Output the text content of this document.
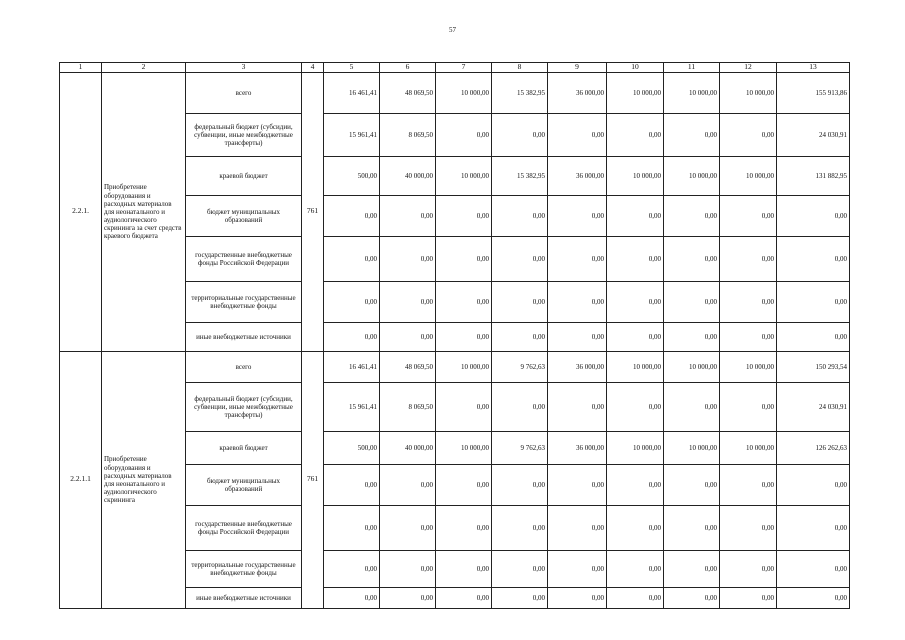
57
1	2	3	4	5	6	7	8	9	10	11	12	13
2.2.1.	Приобретение оборудования и расходных материалов для неонатального и аудиологического скрининга за счет средств краевого бюджета	всего	761	16 461,41	48 069,50	10 000,00	15 382,95	36 000,00	10 000,00	10 000,00	10 000,00	155 913,86
		федеральный бюджет (субсидии, субвенции, иные межбюджетные трансферты)		15 961,41	8 069,50	0,00	0,00	0,00	0,00	0,00	0,00	24 030,91
		краевой бюджет		500,00	40 000,00	10 000,00	15 382,95	36 000,00	10 000,00	10 000,00	10 000,00	131 882,95
		бюджет муниципальных образований		0,00	0,00	0,00	0,00	0,00	0,00	0,00	0,00	0,00
		государственные внебюджетные фонды Российской Федерации		0,00	0,00	0,00	0,00	0,00	0,00	0,00	0,00	0,00
		территориальные государственные внебюджетные фонды		0,00	0,00	0,00	0,00	0,00	0,00	0,00	0,00	0,00
		иные внебюджетные источники		0,00	0,00	0,00	0,00	0,00	0,00	0,00	0,00	0,00
2.2.1.1	Приобретение оборудования и расходных материалов для неонатального и аудиологического скрининга	всего	761	16 461,41	48 069,50	10 000,00	9 762,63	36 000,00	10 000,00	10 000,00	10 000,00	150 293,54
		федеральный бюджет (субсидии, субвенции, иные межбюджетные трансферты)		15 961,41	8 069,50	0,00	0,00	0,00	0,00	0,00	0,00	24 030,91
		краевой бюджет		500,00	40 000,00	10 000,00	9 762,63	36 000,00	10 000,00	10 000,00	10 000,00	126 262,63
		бюджет муниципальных образований		0,00	0,00	0,00	0,00	0,00	0,00	0,00	0,00	0,00
		государственные внебюджетные фонды Российской Федерации		0,00	0,00	0,00	0,00	0,00	0,00	0,00	0,00	0,00
		территориальные государственные внебюджетные фонды		0,00	0,00	0,00	0,00	0,00	0,00	0,00	0,00	0,00
		иные внебюджетные источники		0,00	0,00	0,00	0,00	0,00	0,00	0,00	0,00	0,00
